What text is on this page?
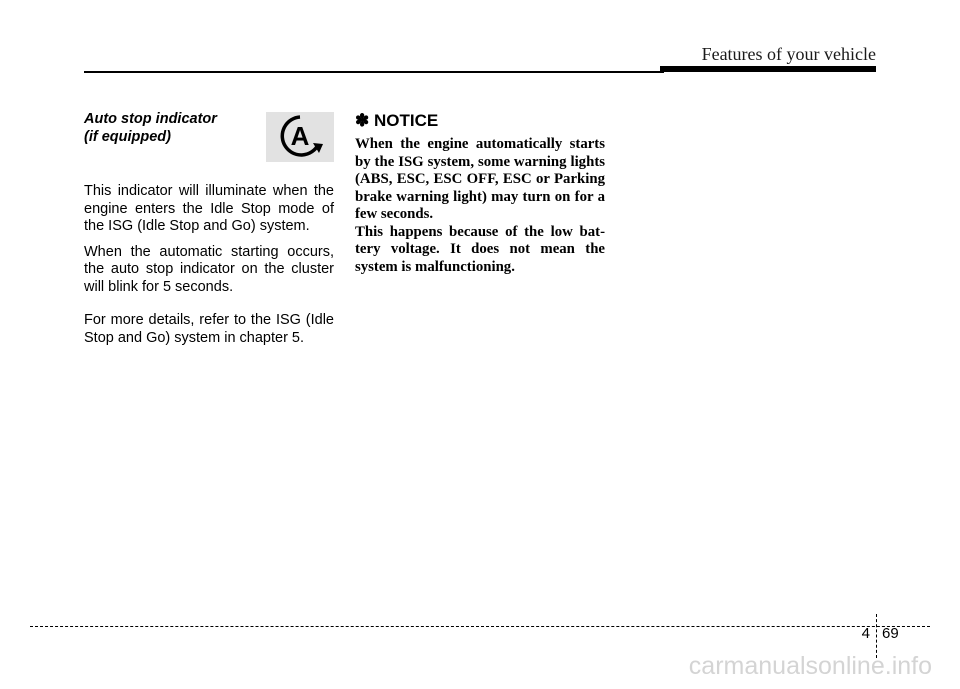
Features of your vehicle

Auto stop indicator
(if equipped)

This indicator will illuminate when the engine enters the Idle Stop mode of the ISG (Idle Stop and Go) system.

When the automatic starting occurs, the auto stop indicator on the cluster will blink for 5 seconds.

For more details, refer to the ISG (Idle Stop and Go) system in chapter 5.

A

✽ NOTICE

When the engine automatically starts by the ISG system, some warning lights (ABS, ESC, ESC OFF, ESC or Parking brake warning light) may turn on for a few seconds.

This happens because of the low battery voltage. It does not mean the system is malfunctioning.

4 69
carmanualsonline.info
